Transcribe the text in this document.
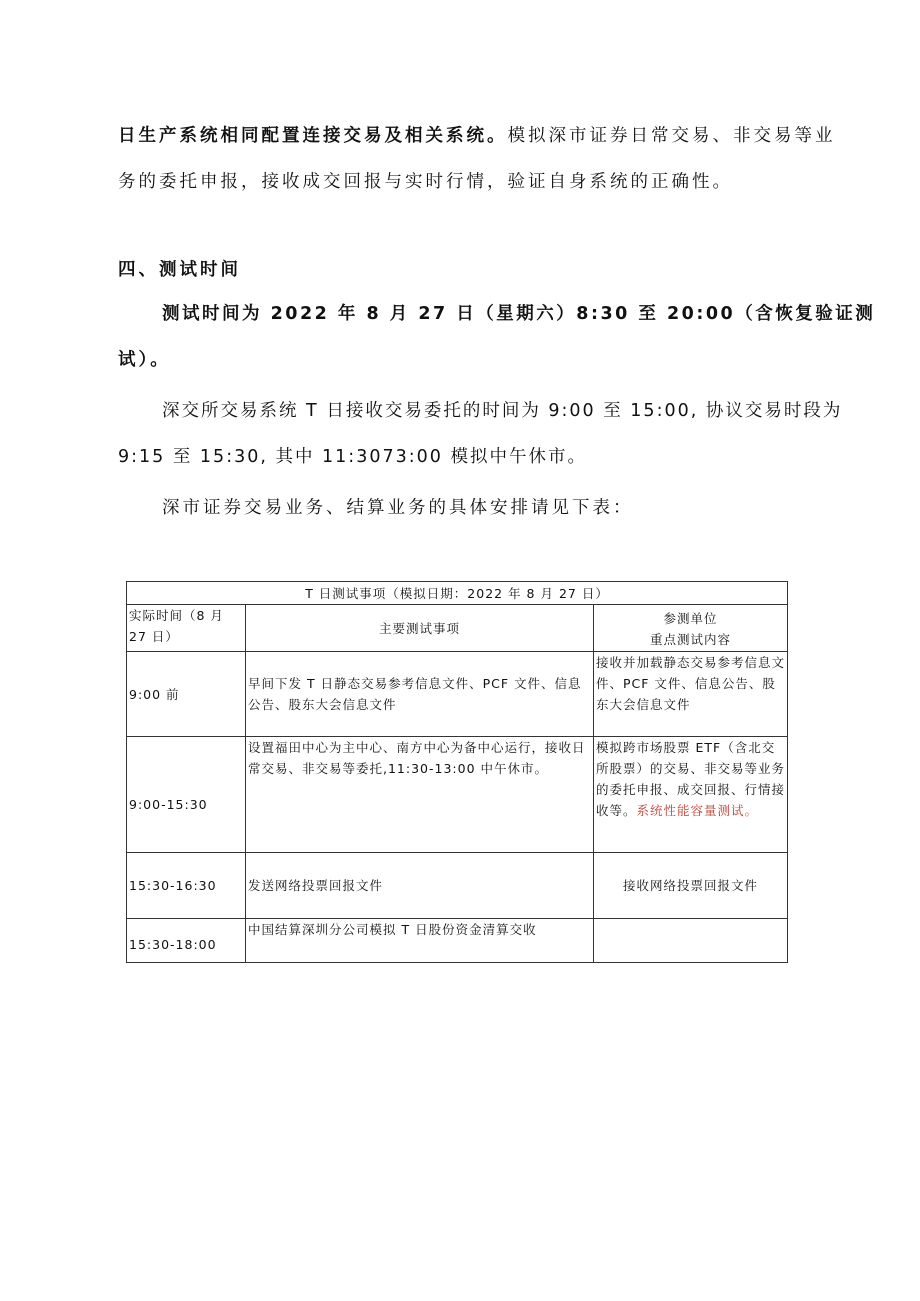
日生产系统相同配置连接交易及相关系统。模拟深市证券日常交易、非交易等业
务的委托申报，接收成交回报与实时行情，验证自身系统的正确性。
四、测试时间
测试时间为 2022 年 8 月 27 日（星期六）8:30 至 20:00（含恢复验证测
试）。
深交所交易系统 T 日接收交易委托的时间为 9:00 至 15:00, 协议交易时段为
9:15 至 15:30, 其中 11:3073:00 模拟中午休市。
深市证券交易业务、结算业务的具体安排请见下表：
T 日测试事项（模拟日期：2022 年 8 月 27 日）		
实际时间（8 月 27 日）	主要测试事项	参测单位
重点测试内容

9:00 前	早间下发 T 日静态交易参考信息文件、PCF 文件、信息公告、股东大会信息文件	接收并加载静态交易参考信息文件、PCF 文件、信息公告、股东大会信息文件
9:00-15:30	设置福田中心为主中心、南方中心为备中心运行，接收日常交易、非交易等委托,11:30-13:00 中午休市。	模拟跨市场股票 ETF（含北交所股票）的交易、非交易等业务的委托申报、成交回报、行情接收等。系统性能容量测试。
15:30-16:30	发送网络投票回报文件	接收网络投票回报文件
15:30-18:00	中国结算深圳分公司模拟 T 日股份资金清算交收	
